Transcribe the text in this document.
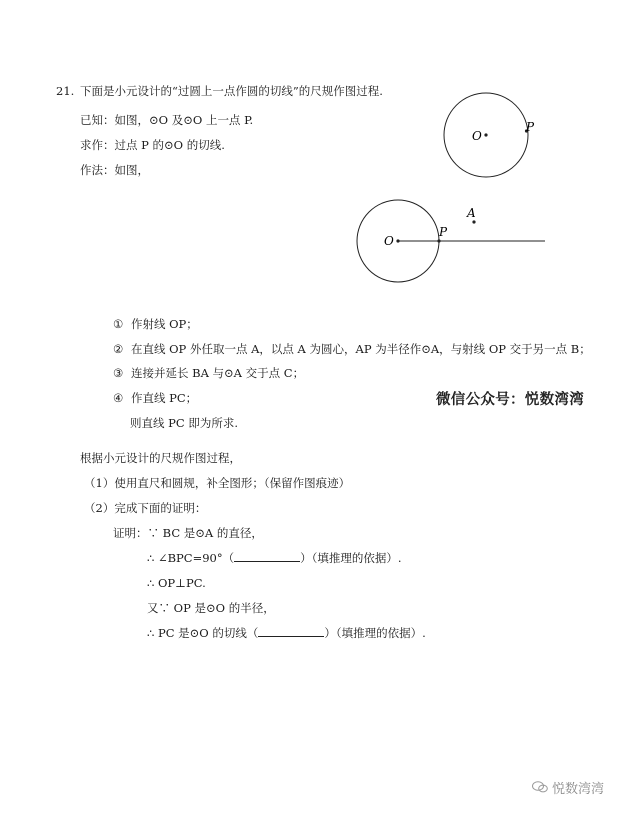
21. 下面是小元设计的“过圆上一点作圆的切线”的尺规作图过程.
已知：如图，⊙O 及⊙O 上一点 P.
求作：过点 P 的⊙O 的切线.
作法：如图，
O
P
O
P
A
① 作射线 OP；
② 在直线 OP 外任取一点 A，以点 A 为圆心，AP 为半径作⊙A，与射线 OP 交于另一点 B；
③ 连接并延长 BA 与⊙A 交于点 C；
④ 作直线 PC；
则直线 PC 即为所求.
微信公众号：悦数湾湾
根据小元设计的尺规作图过程，
（1）使用直尺和圆规，补全图形；（保留作图痕迹）
（2）完成下面的证明：
证明：∵ BC 是⊙A 的直径，
∴ ∠BPC=90°（	）（填推理的依据）.
∴ OP⊥PC.
又∵ OP 是⊙O 的半径，
∴ PC 是⊙O 的切线（	）（填推理的依据）.
悦数湾湾
